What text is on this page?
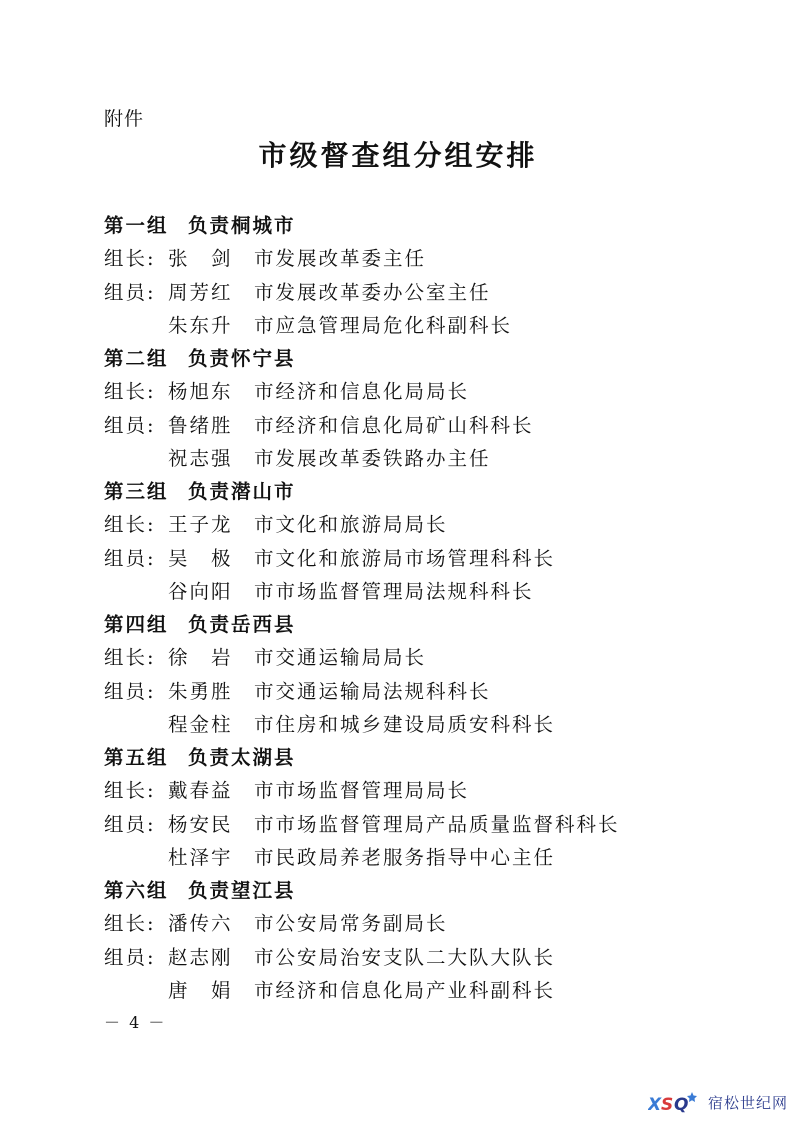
附件
市级督查组分组安排
第一组 负责桐城市
组长: 张　剑 市发展改革委主任
组员: 周芳红 市发展改革委办公室主任
朱东升 市应急管理局危化科副科长
第二组 负责怀宁县
组长: 杨旭东 市经济和信息化局局长
组员: 鲁绪胜 市经济和信息化局矿山科科长
祝志强 市发展改革委铁路办主任
第三组 负责潜山市
组长: 王子龙 市文化和旅游局局长
组员: 吴　极 市文化和旅游局市场管理科科长
谷向阳 市市场监督管理局法规科科长
第四组 负责岳西县
组长: 徐　岩 市交通运输局局长
组员: 朱勇胜 市交通运输局法规科科长
程金柱 市住房和城乡建设局质安科科长
第五组 负责太湖县
组长: 戴春益 市市场监督管理局局长
组员: 杨安民 市市场监督管理局产品质量监督科科长
杜泽宇 市民政局养老服务指导中心主任
第六组 负责望江县
组长: 潘传六 市公安局常务副局长
组员: 赵志刚 市公安局治安支队二大队大队长
唐　娟 市经济和信息化局产业科副科长
－ 4 －
X S Q 宿松世纪网
